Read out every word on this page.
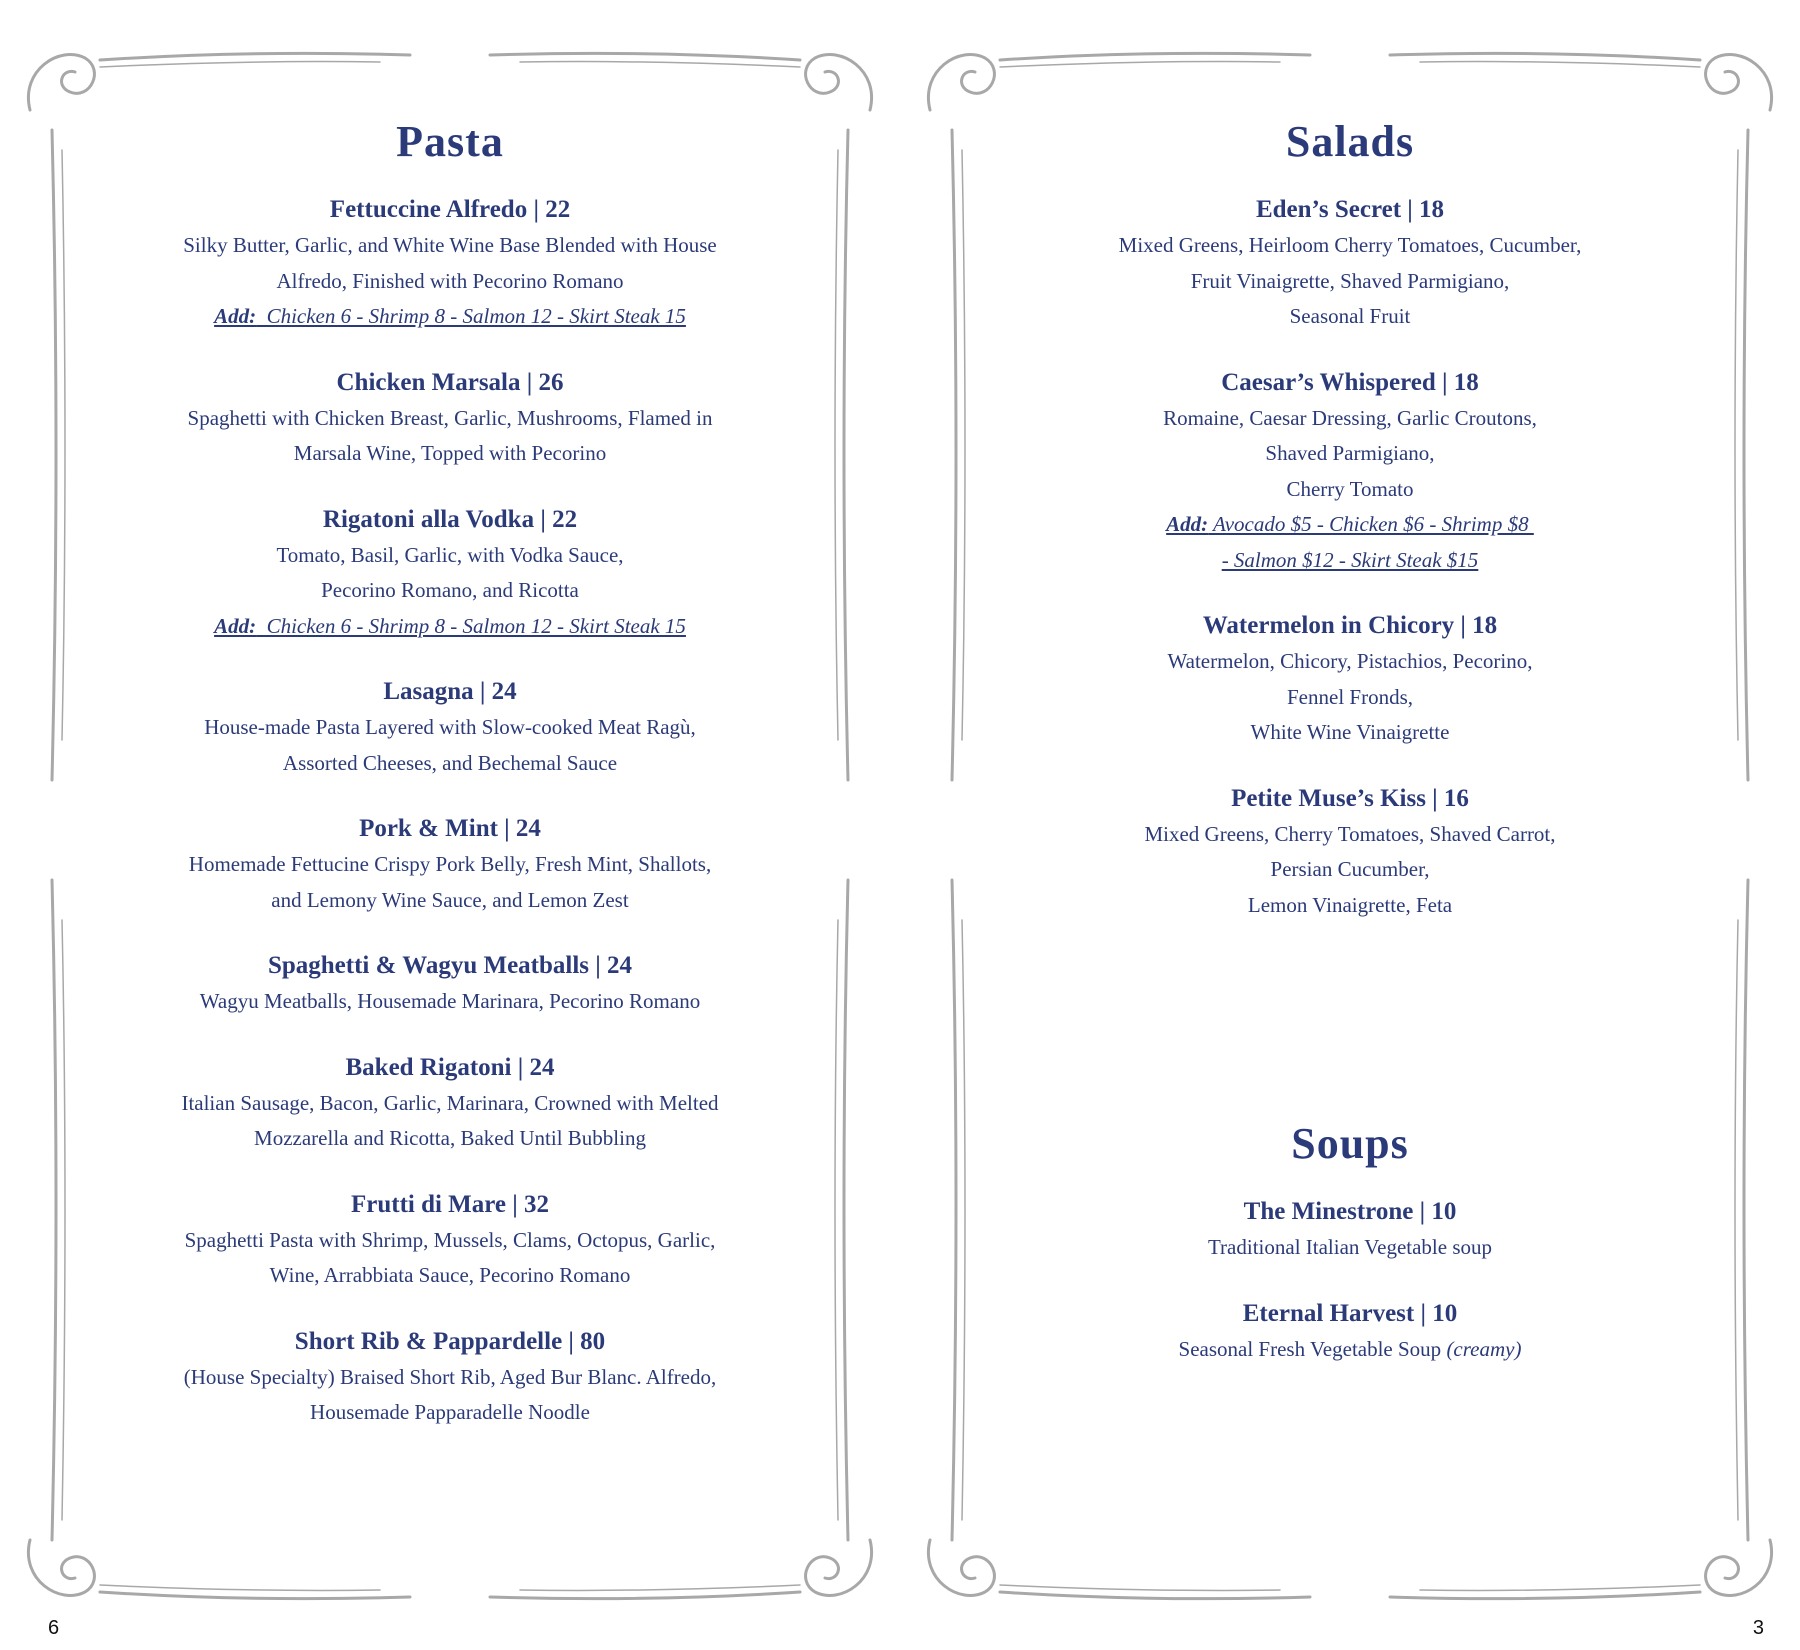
Pasta
Fettuccine Alfredo | 22
Silky Butter, Garlic, and White Wine Base Blended with House
Alfredo, Finished with Pecorino Romano
Add:  Chicken 6 - Shrimp 8 - Salmon 12 - Skirt Steak 15
Chicken Marsala | 26
Spaghetti with Chicken Breast, Garlic, Mushrooms, Flamed in
Marsala Wine, Topped with Pecorino
Rigatoni alla Vodka | 22
Tomato, Basil, Garlic, with Vodka Sauce,
Pecorino Romano, and Ricotta
Add:  Chicken 6 - Shrimp 8 - Salmon 12 - Skirt Steak 15
Lasagna | 24
House-made Pasta Layered with Slow-cooked Meat Ragù,
Assorted Cheeses, and Bechemal Sauce
Pork & Mint | 24
Homemade Fettucine Crispy Pork Belly, Fresh Mint, Shallots,
and Lemony Wine Sauce, and Lemon Zest
Spaghetti & Wagyu Meatballs | 24
Wagyu Meatballs, Housemade Marinara, Pecorino Romano
Baked Rigatoni | 24
Italian Sausage, Bacon, Garlic, Marinara, Crowned with Melted
Mozzarella and Ricotta, Baked Until Bubbling
Frutti di Mare | 32
Spaghetti Pasta with Shrimp, Mussels, Clams, Octopus, Garlic,
Wine, Arrabbiata Sauce, Pecorino Romano
Short Rib & Pappardelle | 80
(House Specialty) Braised Short Rib, Aged Bur Blanc. Alfredo,
Housemade Papparadelle Noodle
6
Salads
Eden’s Secret | 18
Mixed Greens, Heirloom Cherry Tomatoes, Cucumber,
Fruit Vinaigrette, Shaved Parmigiano,
Seasonal Fruit
Caesar’s Whispered | 18
Romaine, Caesar Dressing, Garlic Croutons,
Shaved Parmigiano,
Cherry Tomato
Add: Avocado $5 - Chicken $6 - Shrimp $8
- Salmon $12 - Skirt Steak $15
Watermelon in Chicory | 18
Watermelon, Chicory, Pistachios, Pecorino,
Fennel Fronds,
White Wine Vinaigrette
Petite Muse’s Kiss | 16
Mixed Greens, Cherry Tomatoes, Shaved Carrot,
Persian Cucumber,
Lemon Vinaigrette, Feta
Soups
The Minestrone | 10
Traditional Italian Vegetable soup
Eternal Harvest | 10
Seasonal Fresh Vegetable Soup (creamy)
3
